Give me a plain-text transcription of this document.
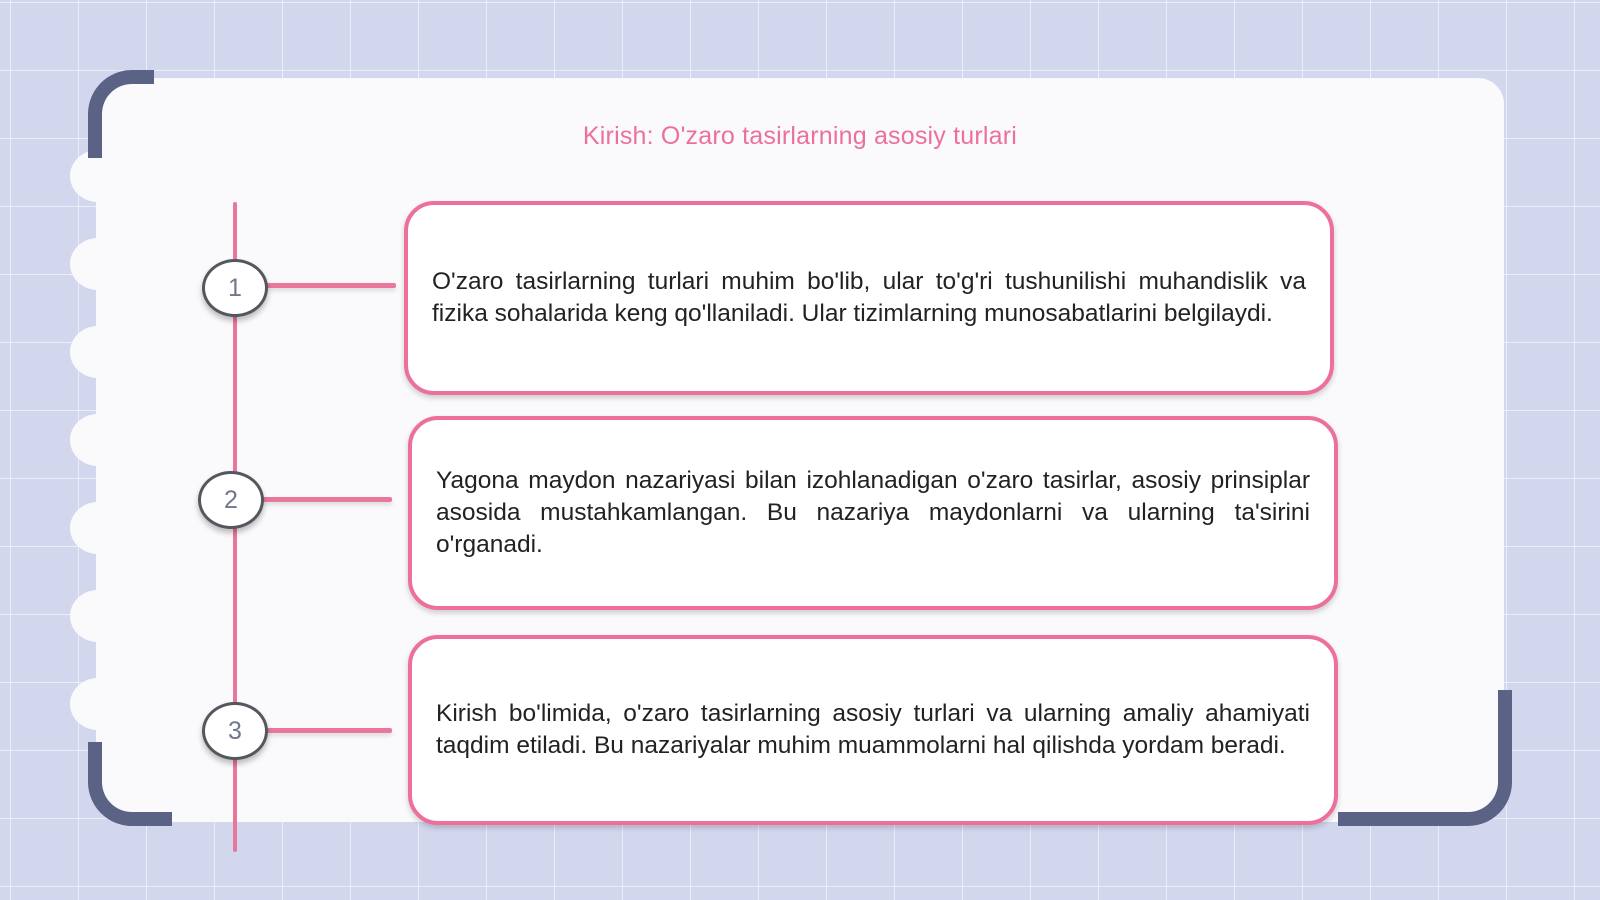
Kirish: O'zaro tasirlarning asosiy turlari
1
2
3

O'zaro tasirlarning turlari muhim bo'lib, ular to'g'ri tushunilishi muhandislik va fizika sohalarida keng qo'llaniladi. Ular tizimlarning munosabatlarini belgilaydi.

Yagona maydon nazariyasi bilan izohlanadigan o'zaro tasirlar, asosiy prinsiplar asosida mustahkamlangan. Bu nazariya maydonlarni va ularning ta'sirini o'rganadi.

Kirish bo'limida, o'zaro tasirlarning asosiy turlari va ularning amaliy ahamiyati taqdim etiladi. Bu nazariyalar muhim muammolarni hal qilishda yordam beradi.
